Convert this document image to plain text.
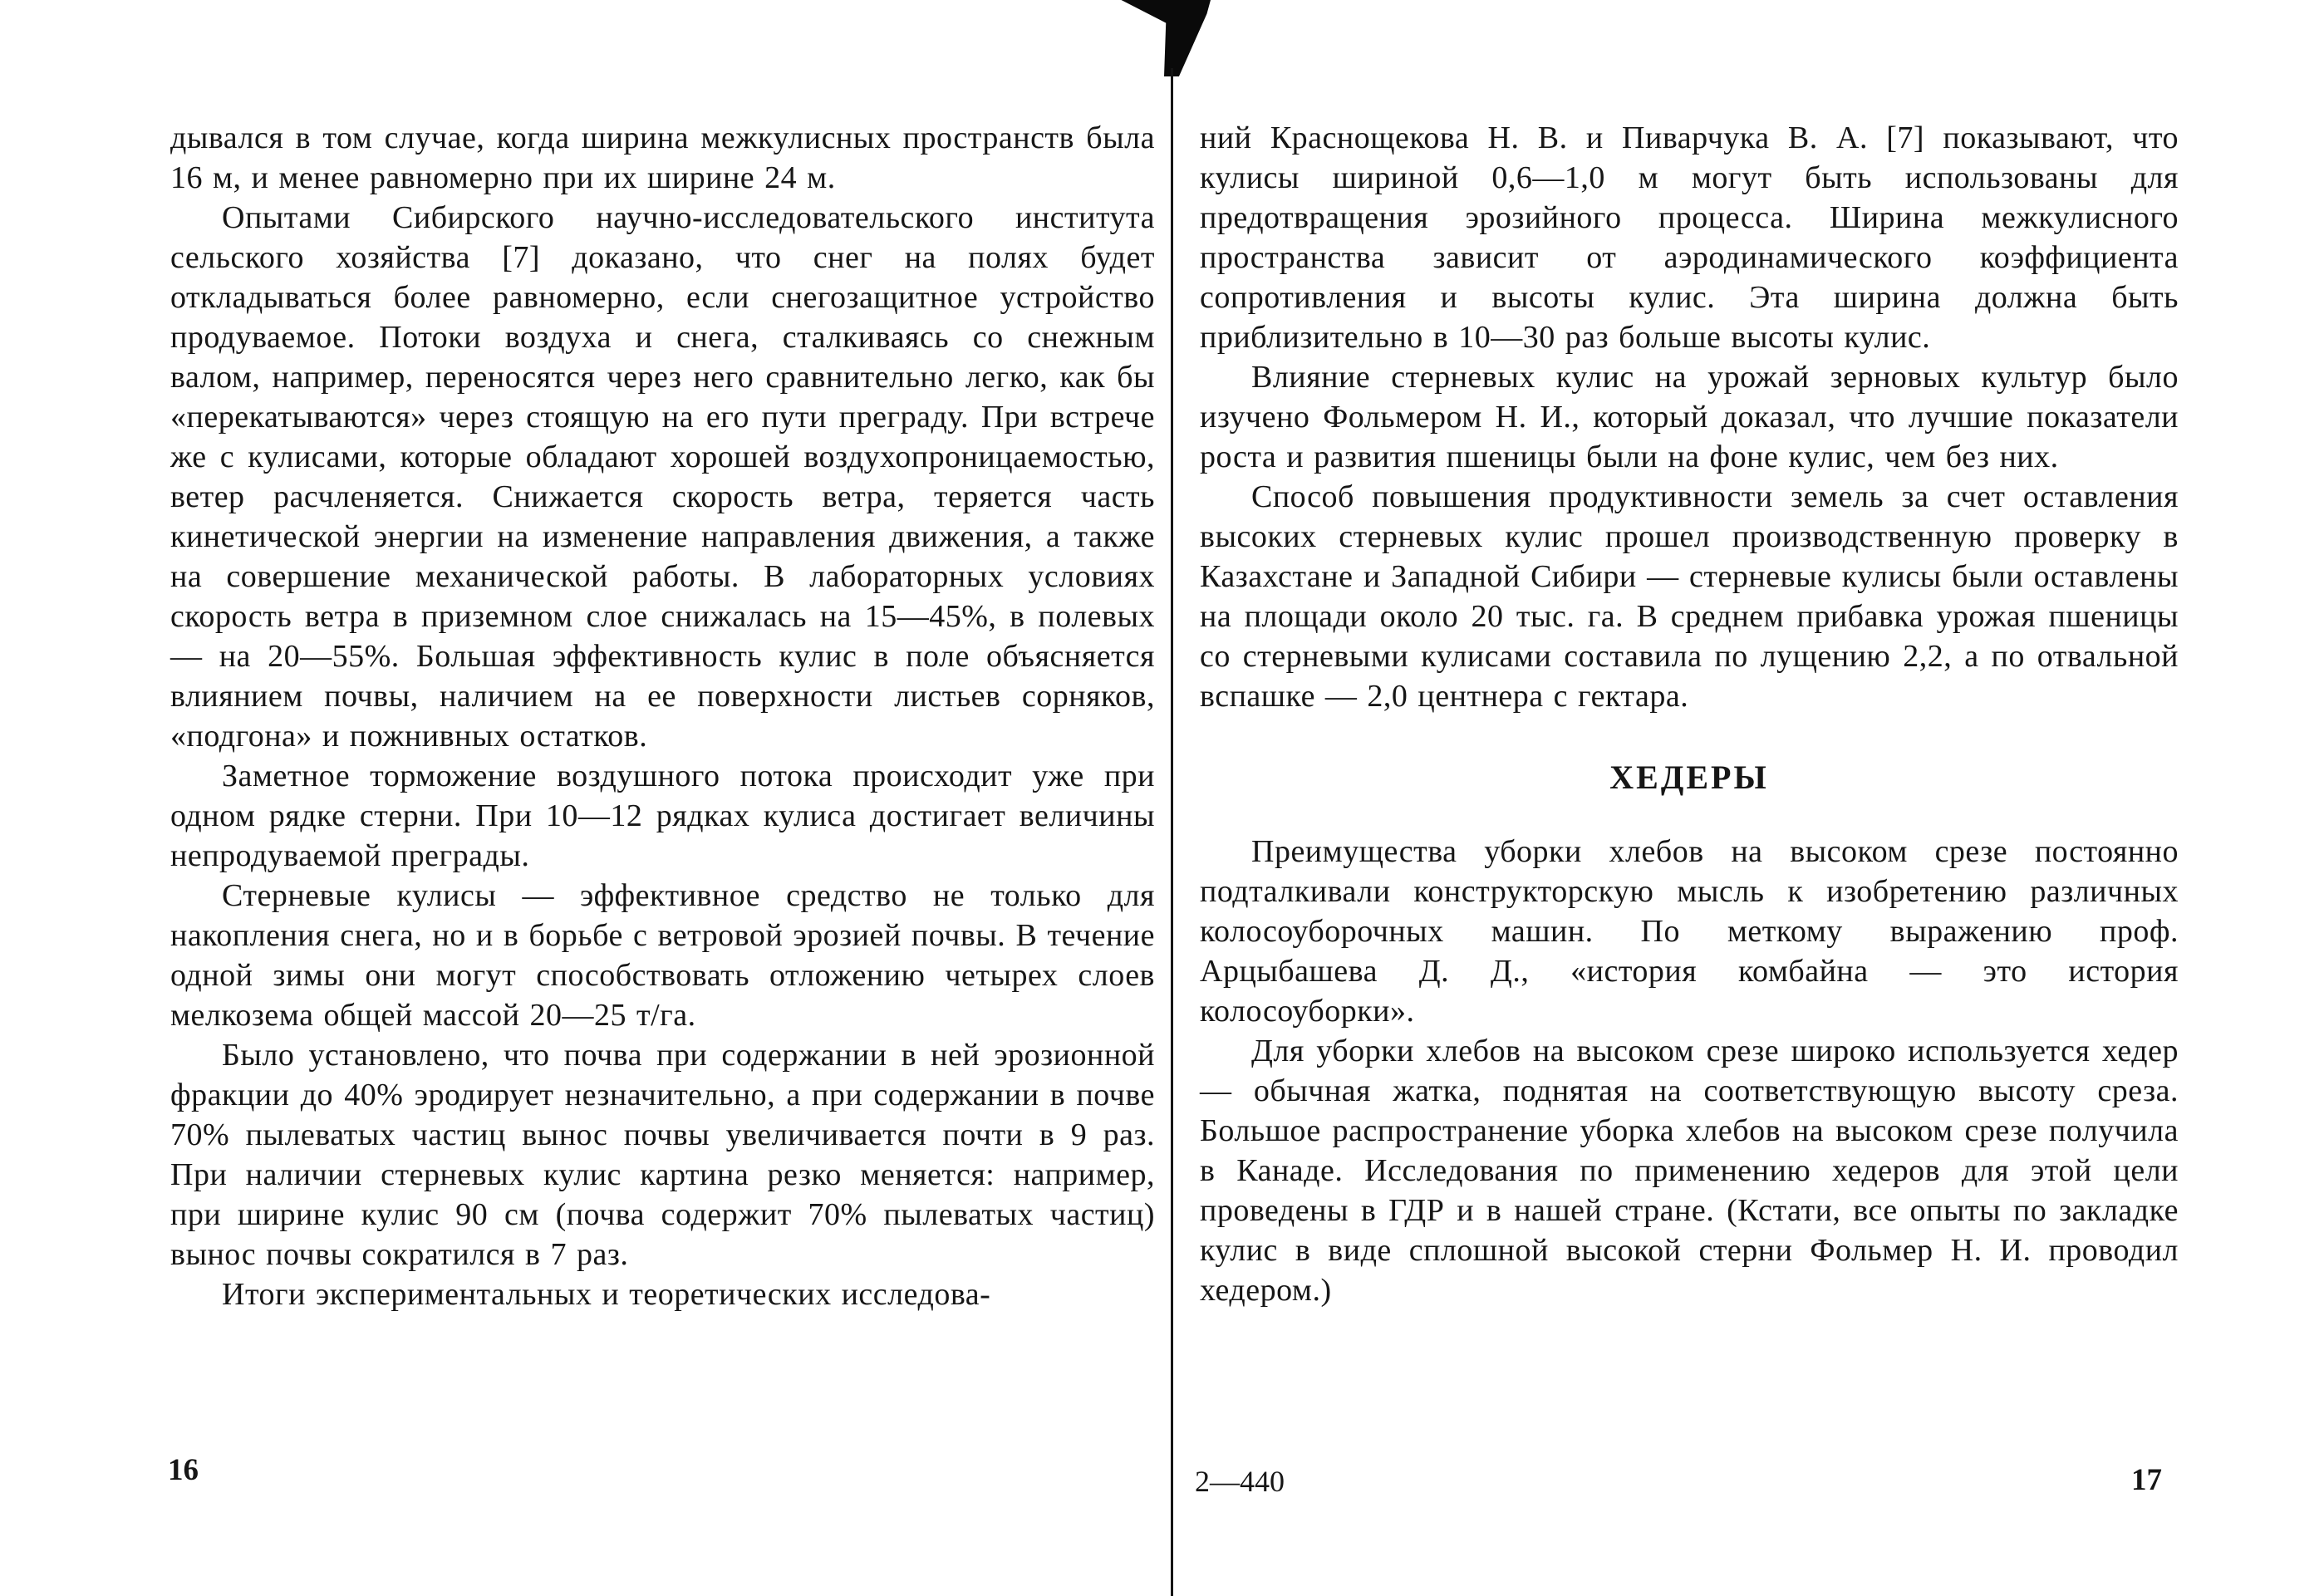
дывался в том случае, когда ширина межкулисных пространств была 16 м, и менее равномерно при их ширине 24 м.

Опытами Сибирского научно-исследовательского института сельского хозяйства [7] доказано, что снег на полях будет откладываться более равномерно, если снегозащитное устройство продуваемое. Потоки воздуха и снега, сталкиваясь со снежным валом, например, переносятся через него сравнительно легко, как бы «перекатываются» через стоящую на его пути преграду. При встрече же с кулисами, которые обладают хорошей воздухопроницаемостью, ветер расчленяется. Снижается скорость ветра, теряется часть кинетической энергии на изменение направления движения, а также на совершение механической работы. В лабораторных условиях скорость ветра в приземном слое снижалась на 15—45%, в полевых — на 20—55%. Большая эффективность кулис в поле объясняется влиянием почвы, наличием на ее поверхности листьев сорняков, «подгона» и пожнивных остатков.

Заметное торможение воздушного потока происходит уже при одном рядке стерни. При 10—12 рядках кулиса достигает величины непродуваемой преграды.

Стерневые кулисы — эффективное средство не только для накопления снега, но и в борьбе с ветровой эрозией почвы. В течение одной зимы они могут способствовать отложению четырех слоев мелкозема общей массой 20—25 т/га.

Было установлено, что почва при содержании в ней эрозионной фракции до 40% эродирует незначительно, а при содержании в почве 70% пылеватых частиц вынос почвы увеличивается почти в 9 раз. При наличии стерневых кулис картина резко меняется: например, при ширине кулис 90 см (почва содержит 70% пылеватых частиц) вынос почвы сократился в 7 раз.

Итоги экспериментальных и теоретических исследова-

16

ний Краснощекова Н. В. и Пиварчука В. А. [7] показывают, что кулисы шириной 0,6—1,0 м могут быть использованы для предотвращения эрозийного процесса. Ширина межкулисного пространства зависит от аэродинамического коэффициента сопротивления и высоты кулис. Эта ширина должна быть приблизительно в 10—30 раз больше высоты кулис.

Влияние стерневых кулис на урожай зерновых культур было изучено Фольмером Н. И., который доказал, что лучшие показатели роста и развития пшеницы были на фоне кулис, чем без них.

Способ повышения продуктивности земель за счет оставления высоких стерневых кулис прошел производственную проверку в Казахстане и Западной Сибири — стерневые кулисы были оставлены на площади около 20 тыс. га. В среднем прибавка урожая пшеницы со стерневыми кулисами составила по лущению 2,2, а по отвальной вспашке — 2,0 центнера с гектара.

ХЕДЕРЫ

Преимущества уборки хлебов на высоком срезе постоянно подталкивали конструкторскую мысль к изобретению различных колосоуборочных машин. По меткому выражению проф. Арцыбашева Д. Д., «история комбайна — это история колосоуборки».

Для уборки хлебов на высоком срезе широко используется хедер — обычная жатка, поднятая на соответствующую высоту среза. Большое распространение уборка хлебов на высоком срезе получила в Канаде. Исследования по применению хедеров для этой цели проведены в ГДР и в нашей стране. (Кстати, все опыты по закладке кулис в виде сплошной высокой стерни Фольмер Н. И. проводил хедером.)

2—440	17
